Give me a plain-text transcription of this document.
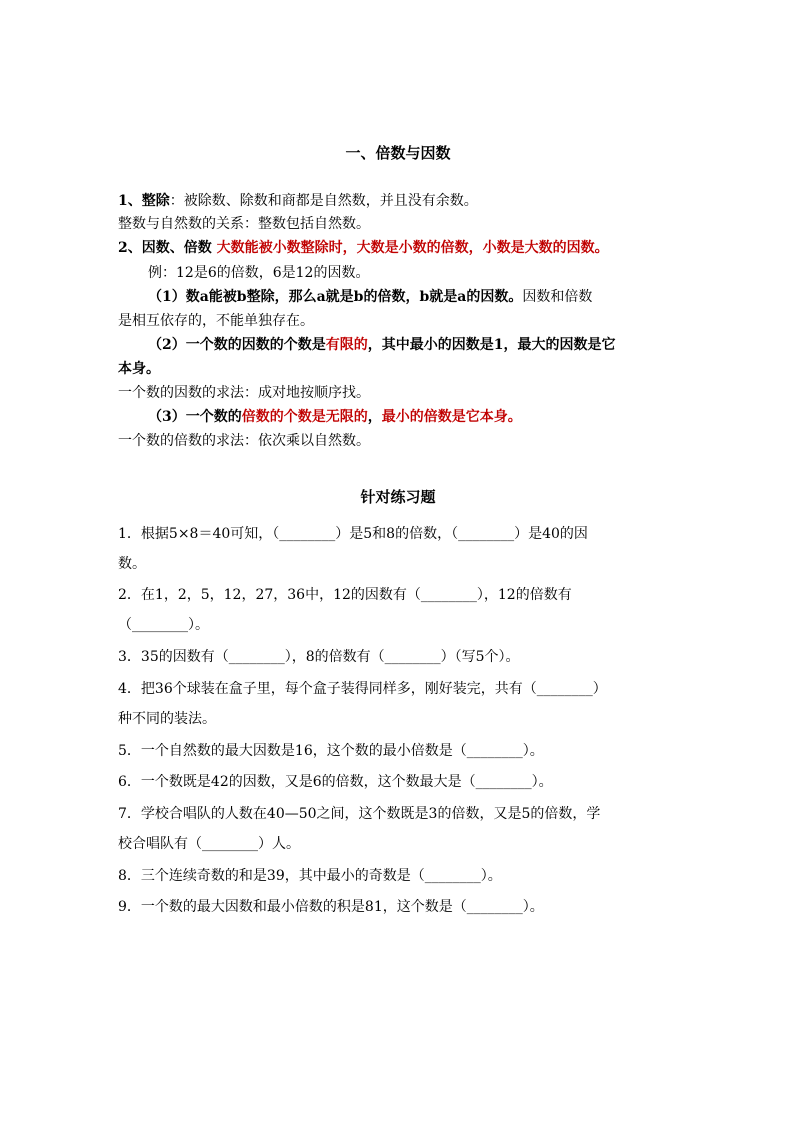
一、倍数与因数
1、整除：被除数、除数和商都是自然数，并且没有余数。
整数与自然数的关系：整数包括自然数。
2、因数、倍数 大数能被小数整除时，大数是小数的倍数，小数是大数的因数。
例：12是6的倍数，6是12的因数。
（1）数a能被b整除，那么a就是b的倍数，b就是a的因数。因数和倍数
是相互依存的，不能单独存在。
（2）一个数的因数的个数是有限的，其中最小的因数是1，最大的因数是它
本身。
一个数的因数的求法：成对地按顺序找。
（3）一个数的倍数的个数是无限的，最小的倍数是它本身。
一个数的倍数的求法：依次乘以自然数。
针对练习题
1．根据5×8＝40可知，（________）是5和8的倍数，（________）是40的因
数。
2．在1，2，5，12，27，36中，12的因数有（________），12的倍数有
（________）。
3．35的因数有（________），8的倍数有（________）（写5个）。
4．把36个球装在盒子里，每个盒子装得同样多，刚好装完，共有（________）
种不同的装法。
5．一个自然数的最大因数是16，这个数的最小倍数是（________）。
6．一个数既是42的因数，又是6的倍数，这个数最大是（________）。
7．学校合唱队的人数在40—50之间，这个数既是3的倍数，又是5的倍数，学
校合唱队有（________）人。
8．三个连续奇数的和是39，其中最小的奇数是（________）。
9．一个数的最大因数和最小倍数的积是81，这个数是（________）。
